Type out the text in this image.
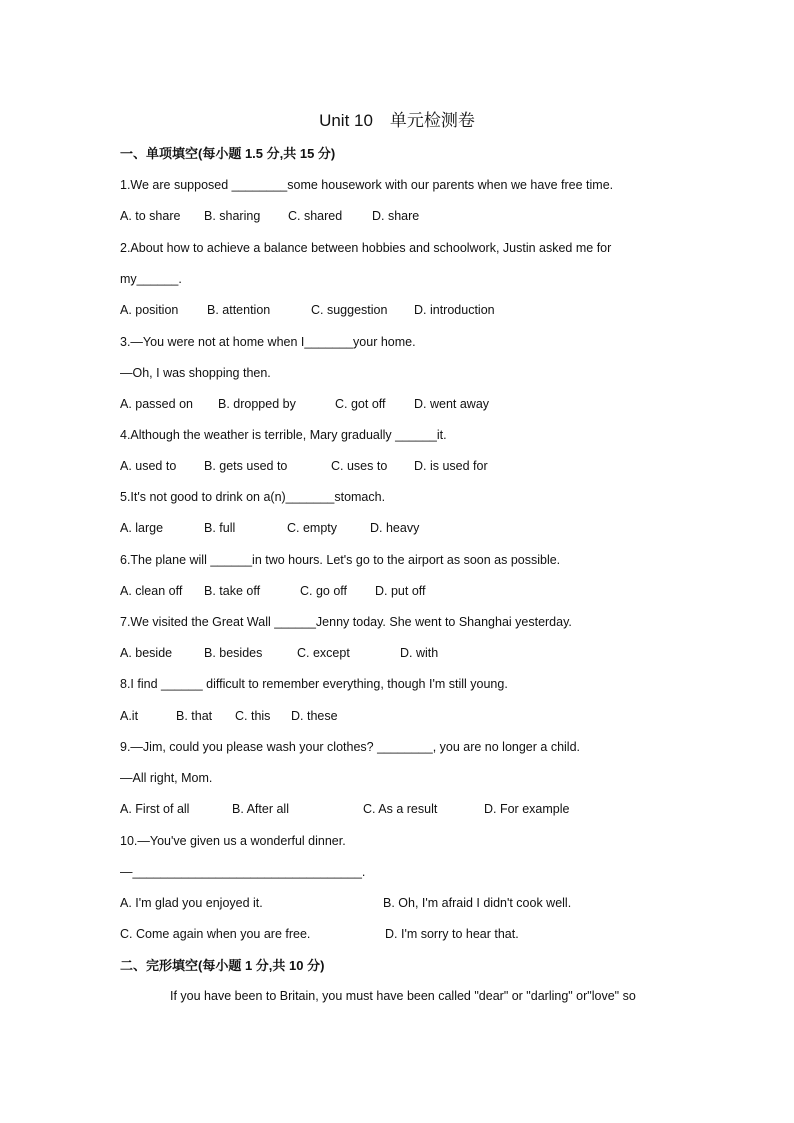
Unit 10　单元检测卷
一、单项填空(每小题 1.5 分,共 15 分)
1.We are supposed ________some housework with our parents when we have free time.

A. to share

B. sharing

C. shared

D. share

2.About how to achieve a balance between hobbies and schoolwork, Justin asked me for
my______.

A. position

B. attention

	C. suggestion

D. introduction

3.—You were not at home when I_______your home.
—Oh, I was shopping then.

A. passed on

B. dropped by

	C. got off

D. went away

4.Although the weather is terrible, Mary gradually ______it.

A. used to

B. gets used to

	C. uses to

D. is used for

5.It's not good to drink on a(n)_______stomach.

A. large

	B. full

	C. empty

	D. heavy

6.The plane will ______in two hours. Let's go to the airport as soon as possible.

A. clean off

B. take off

	C. go off

D. put off

7.We visited the Great Wall ______Jenny today. She went to Shanghai yesterday.

A. beside

	B. besides

	C. except

	D. with

8.I find ______ difficult to remember everything, though I'm still young.

A.it

	B. that

C. this

D. these

9.—Jim, could you please wash your clothes? ________, you are no longer a child.
—All right, Mom.

A. First of all

	B. After all

	C. As a result

	D. For example

10.—You've given us a wonderful dinner.
—_________________________________.

A. I'm glad you enjoyed it.

	B. Oh, I'm afraid I didn't cook well.

C. Come again when you are free.

	D. I'm sorry to hear that.

二、完形填空(每小题 1 分,共 10 分)
If you have been to Britain, you must have been called "dear" or "darling" or"love" so
